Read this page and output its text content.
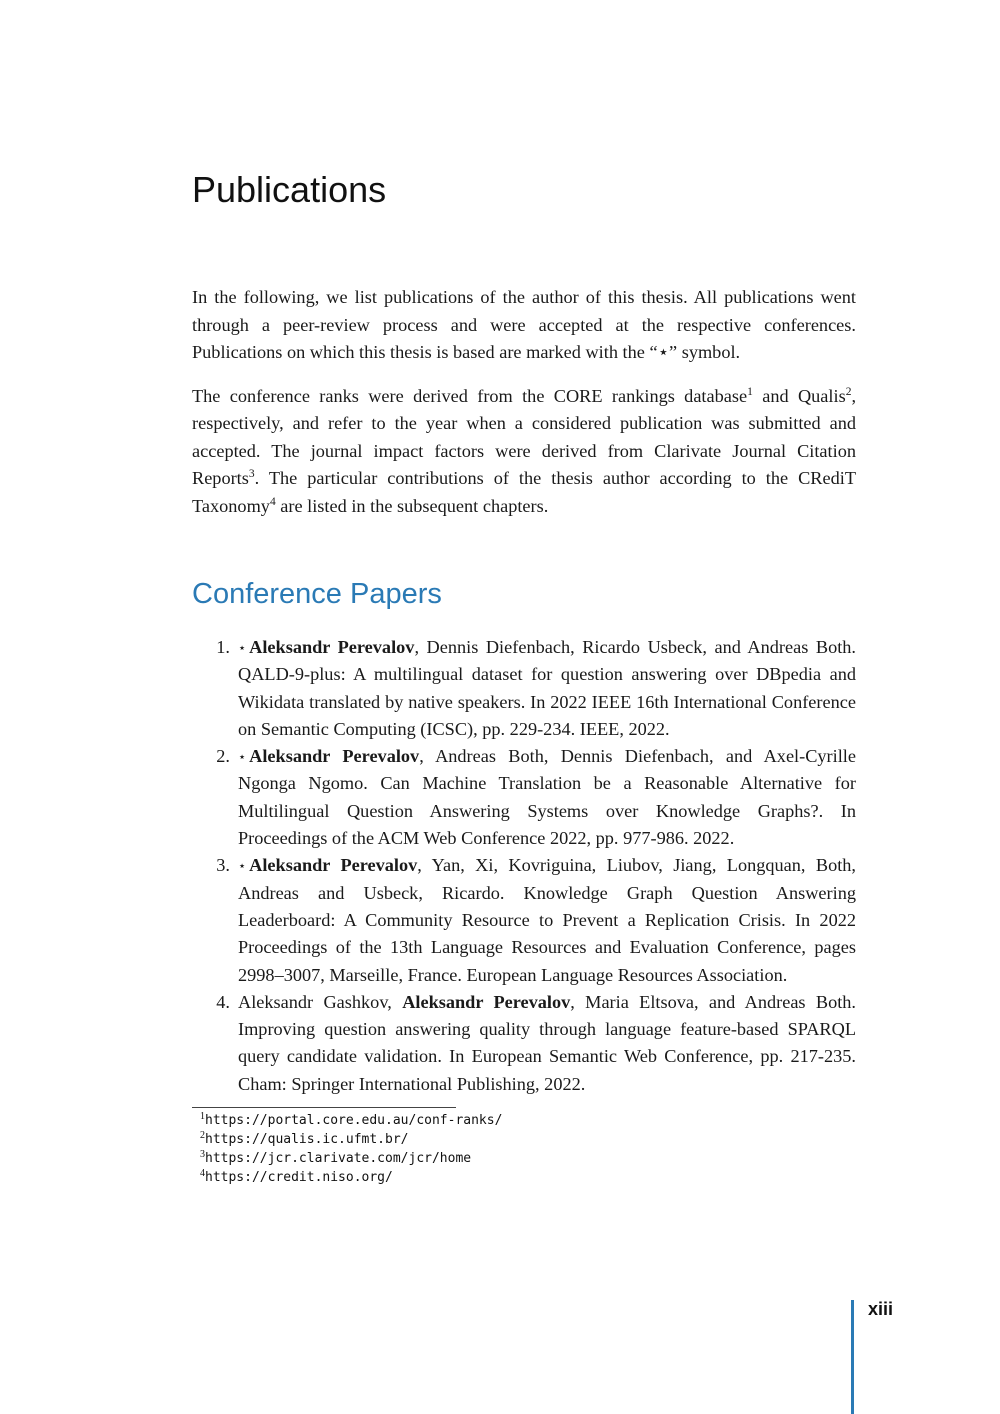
Publications

In the following, we list publications of the author of this thesis. All publications went through a peer-review process and were accepted at the respective conferences. Publications on which this thesis is based are marked with the “⋆” symbol.

The conference ranks were derived from the CORE rankings database$^1$ and Qualis$^2$, respectively, and refer to the year when a considered publication was submitted and accepted. The journal impact factors were derived from Clarivate Journal Citation Reports$^3$. The particular contributions of the thesis author according to the CRediT Taxonomy$^4$ are listed in the subsequent chapters.

Conference Papers
1. ⋆ Aleksandr Perevalov, Dennis Diefenbach, Ricardo Usbeck, and Andreas Both. QALD-9-plus: A multilingual dataset for question answering over DBpedia and Wikidata translated by native speakers. In 2022 IEEE 16th International Conference on Semantic Computing (ICSC), pp. 229-234. IEEE, 2022.
2. ⋆ Aleksandr Perevalov, Andreas Both, Dennis Diefenbach, and Axel-Cyrille Ngonga Ngomo. Can Machine Translation be a Reasonable Alternative for Multilingual Question Answering Systems over Knowledge Graphs?. In Proceedings of the ACM Web Conference 2022, pp. 977-986. 2022.
3. ⋆ Aleksandr Perevalov, Yan, Xi, Kovriguina, Liubov, Jiang, Longquan, Both, Andreas and Usbeck, Ricardo. Knowledge Graph Question Answering Leaderboard: A Community Resource to Prevent a Replication Crisis. In 2022 Proceedings of the 13th Language Resources and Evaluation Conference, pages 2998–3007, Marseille, France. European Language Resources Association.
4. Aleksandr Gashkov, Aleksandr Perevalov, Maria Eltsova, and Andreas Both. Improving question answering quality through language feature-based SPARQL query candidate validation. In European Semantic Web Conference, pp. 217-235. Cham: Springer International Publishing, 2022.
$^1$https://portal.core.edu.au/conf-ranks/
$^2$https://qualis.ic.ufmt.br/
$^3$https://jcr.clarivate.com/jcr/home
$^4$https://credit.niso.org/
xiii
